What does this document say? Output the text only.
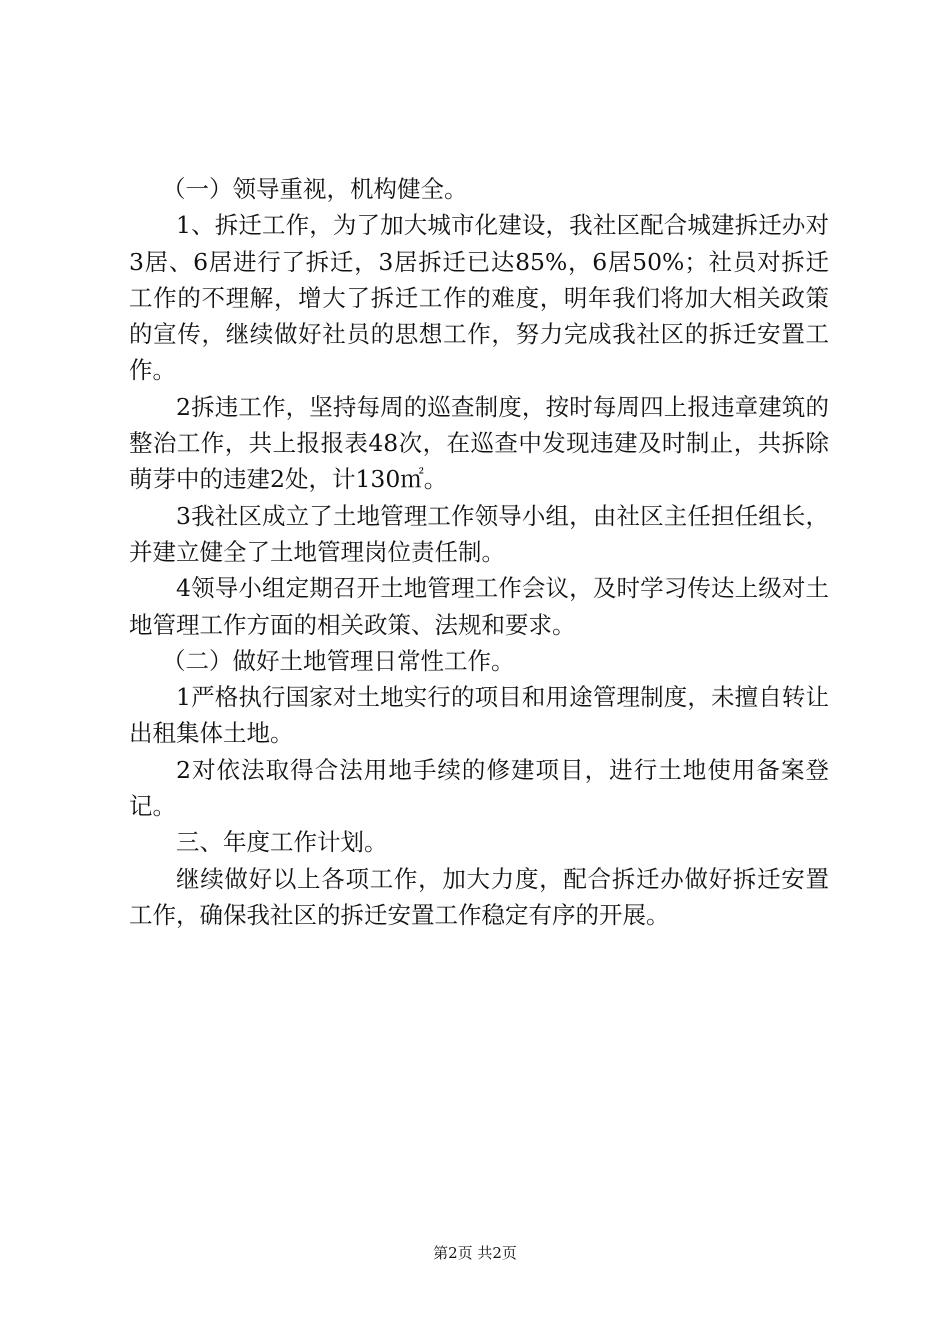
（一）领导重视，机构健全。

1、拆迁工作，为了加大城市化建设，我社区配合城建拆迁办对3居、6居进行了拆迁，3居拆迁已达85%，6居50%；社员对拆迁工作的不理解，增大了拆迁工作的难度，明年我们将加大相关政策的宣传，继续做好社员的思想工作，努力完成我社区的拆迁安置工作。

2拆违工作，坚持每周的巡查制度，按时每周四上报违章建筑的整治工作，共上报报表48次，在巡查中发现违建及时制止，共拆除萌芽中的违建2处，计130㎡。

3我社区成立了土地管理工作领导小组，由社区主任担任组长，并建立健全了土地管理岗位责任制。

4领导小组定期召开土地管理工作会议，及时学习传达上级对土地管理工作方面的相关政策、法规和要求。

（二）做好土地管理日常性工作。

1严格执行国家对土地实行的项目和用途管理制度，未擅自转让出租集体土地。

2对依法取得合法用地手续的修建项目，进行土地使用备案登记。

三、年度工作计划。

继续做好以上各项工作，加大力度，配合拆迁办做好拆迁安置工作，确保我社区的拆迁安置工作稳定有序的开展。

第2页 共2页
